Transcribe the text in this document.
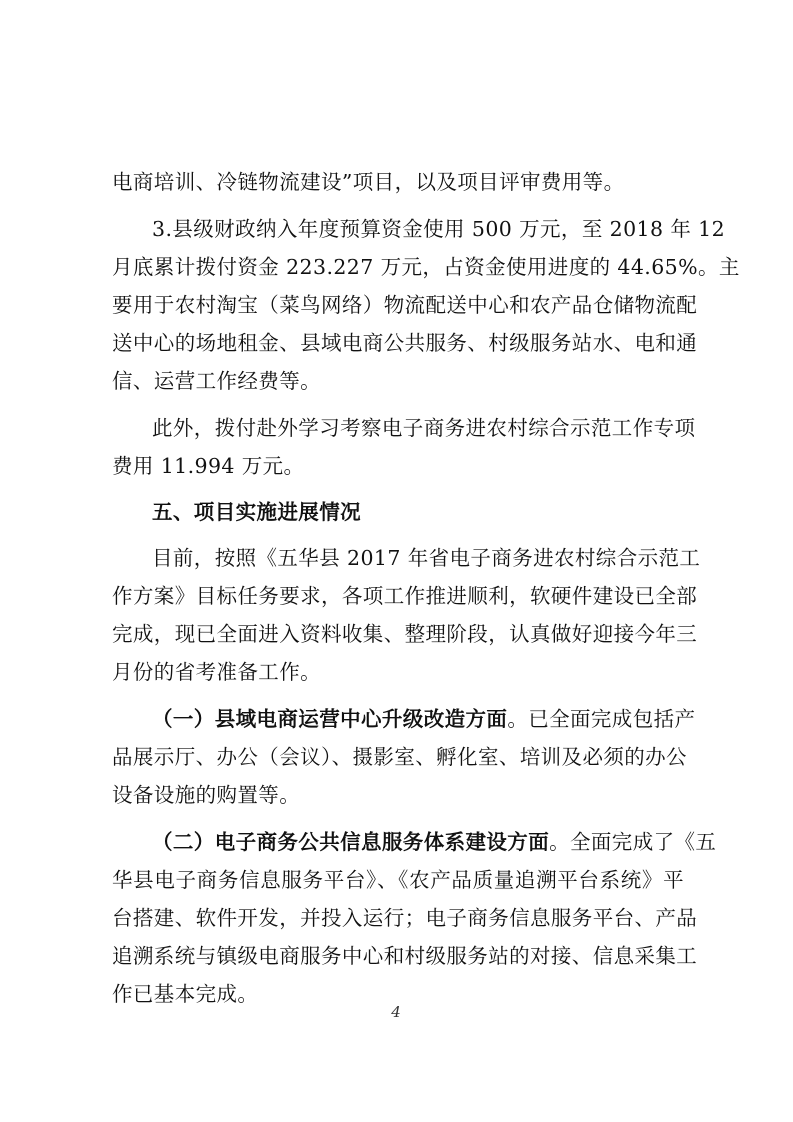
电商培训、冷链物流建设”项目，以及项目评审费用等。
3.县级财政纳入年度预算资金使用 500 万元，至 2018 年 12
月底累计拨付资金 223.227 万元，占资金使用进度的 44.65%。主
要用于农村淘宝（菜鸟网络）物流配送中心和农产品仓储物流配
送中心的场地租金、县域电商公共服务、村级服务站水、电和通
信、运营工作经费等。
此外，拨付赴外学习考察电子商务进农村综合示范工作专项
费用 11.994 万元。
五、项目实施进展情况
目前，按照《五华县 2017 年省电子商务进农村综合示范工
作方案》目标任务要求，各项工作推进顺利，软硬件建设已全部
完成，现已全面进入资料收集、整理阶段，认真做好迎接今年三
月份的省考准备工作。
（一）县域电商运营中心升级改造方面。已全面完成包括产
品展示厅、办公（会议）、摄影室、孵化室、培训及必须的办公
设备设施的购置等。
（二）电子商务公共信息服务体系建设方面。全面完成了《五
华县电子商务信息服务平台》、《农产品质量追溯平台系统》平
台搭建、软件开发，并投入运行；电子商务信息服务平台、产品
追溯系统与镇级电商服务中心和村级服务站的对接、信息采集工
作已基本完成。
4
